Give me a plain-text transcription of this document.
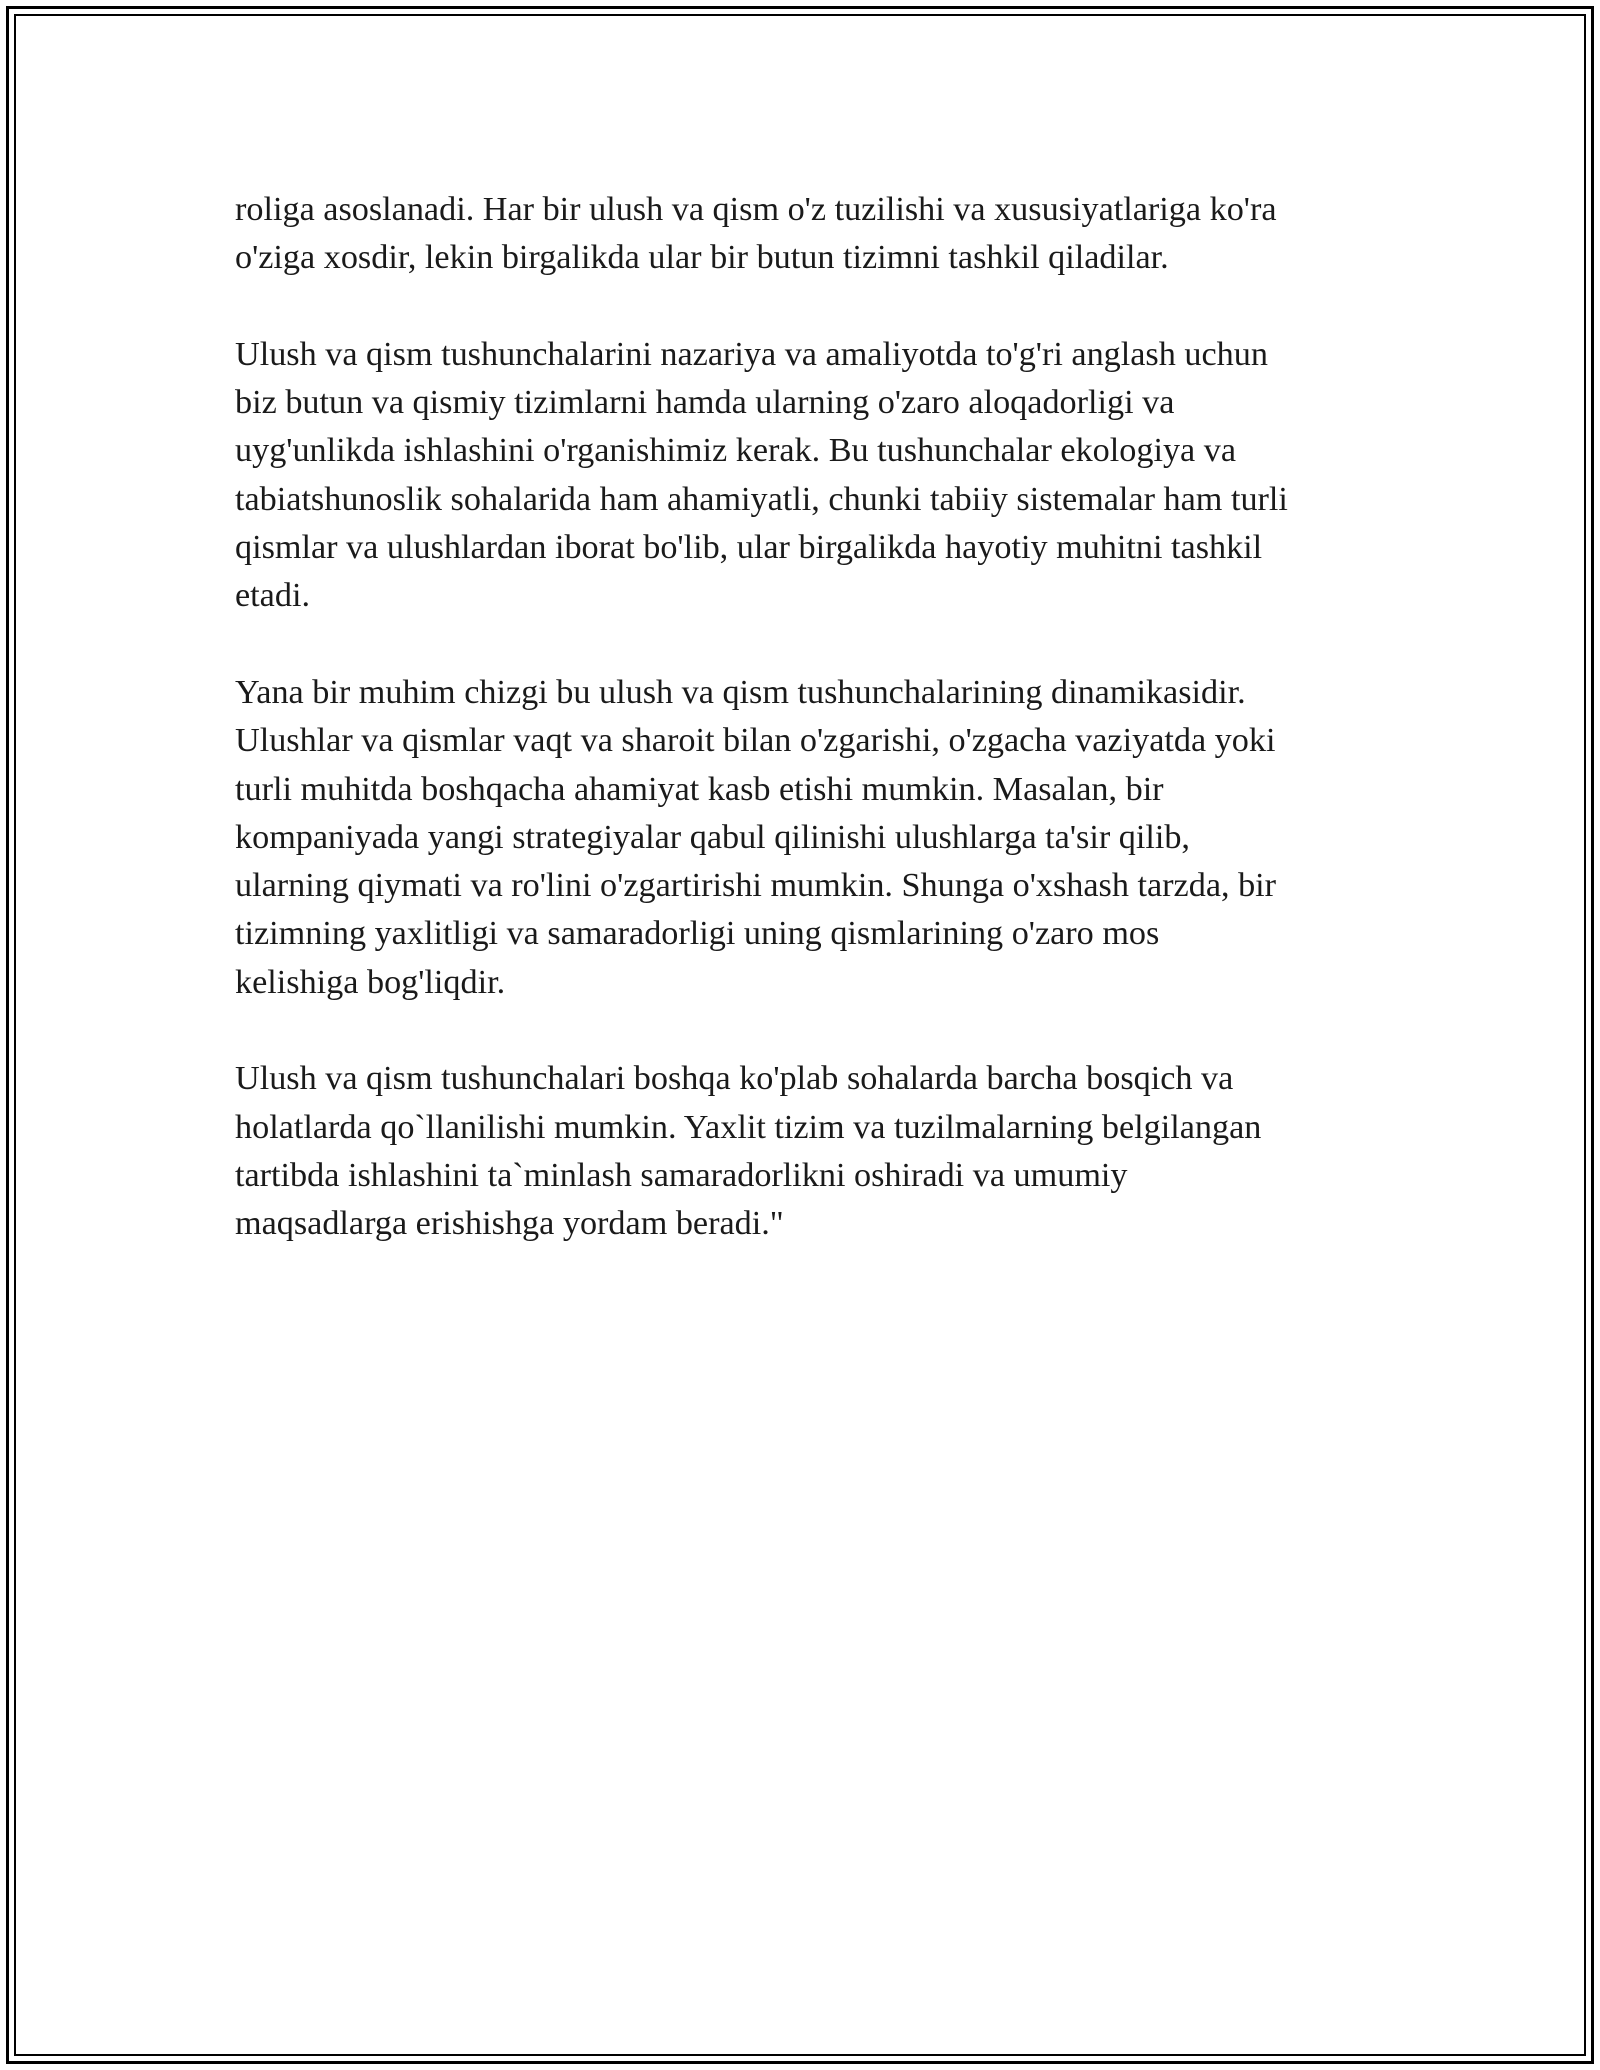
roliga asoslanadi. Har bir ulush va qism o'z tuzilishi va xususiyatlariga ko'ra
o'ziga xosdir, lekin birgalikda ular bir butun tizimni tashkil qiladilar.

Ulush va qism tushunchalarini nazariya va amaliyotda to'g'ri anglash uchun
biz butun va qismiy tizimlarni hamda ularning o'zaro aloqadorligi va
uyg'unlikda ishlashini o'rganishimiz kerak. Bu tushunchalar ekologiya va
tabiatshunoslik sohalarida ham ahamiyatli, chunki tabiiy sistemalar ham turli
qismlar va ulushlardan iborat bo'lib, ular birgalikda hayotiy muhitni tashkil
etadi.

Yana bir muhim chizgi bu ulush va qism tushunchalarining dinamikasidir.
Ulushlar va qismlar vaqt va sharoit bilan o'zgarishi, o'zgacha vaziyatda yoki
turli muhitda boshqacha ahamiyat kasb etishi mumkin. Masalan, bir
kompaniyada yangi strategiyalar qabul qilinishi ulushlarga ta'sir qilib,
ularning qiymati va ro'lini o'zgartirishi mumkin. Shunga o'xshash tarzda, bir
tizimning yaxlitligi va samaradorligi uning qismlarining o'zaro mos
kelishiga bog'liqdir.

Ulush va qism tushunchalari boshqa ko'plab sohalarda barcha bosqich va
holatlarda qo`llanilishi mumkin. Yaxlit tizim va tuzilmalarning belgilangan
tartibda ishlashini ta`minlash samaradorlikni oshiradi va umumiy
maqsadlarga erishishga yordam beradi."
